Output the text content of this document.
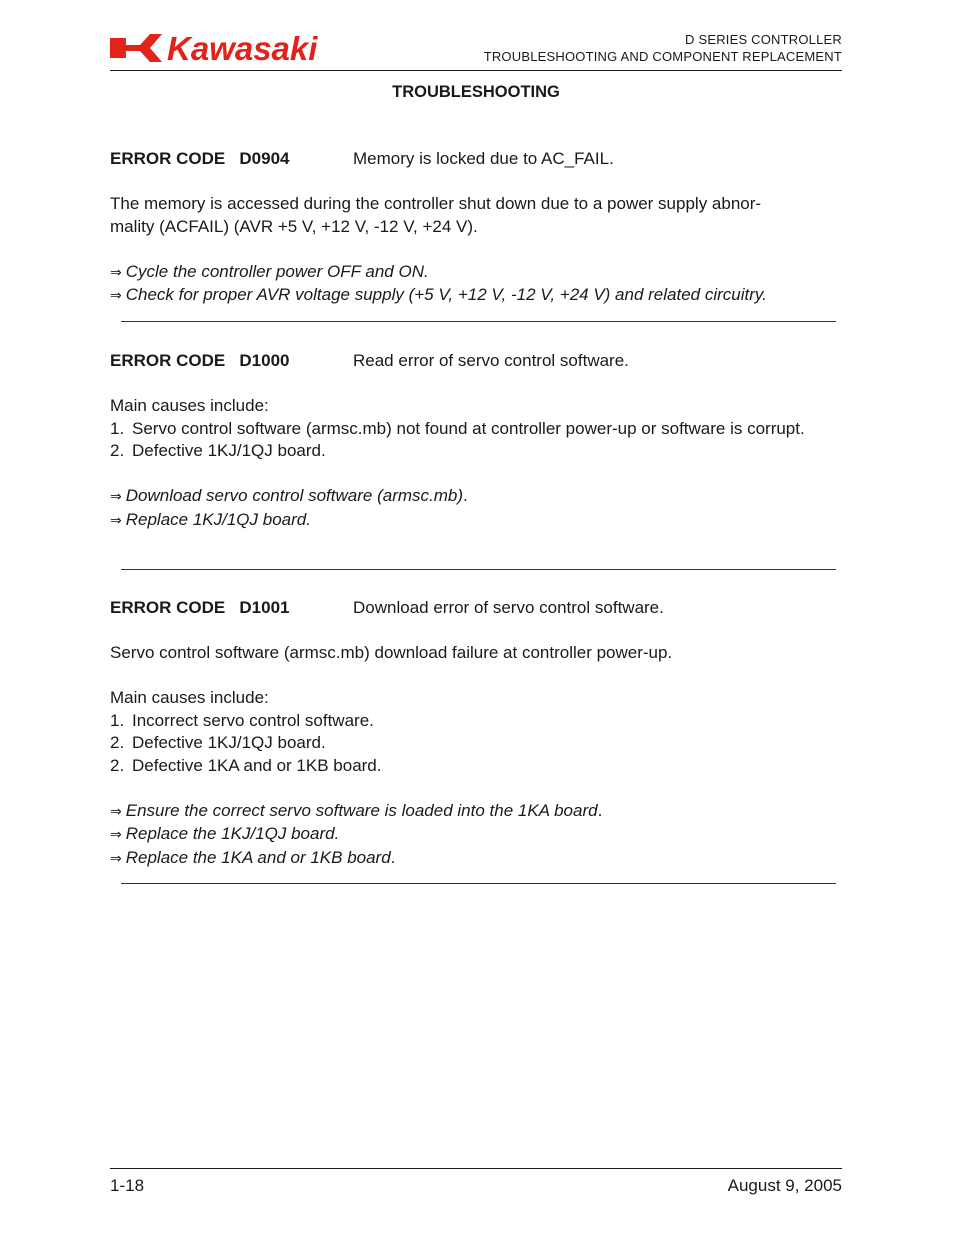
Kawasaki	D SERIES CONTROLLER
TROUBLESHOOTING AND COMPONENT REPLACEMENT
TROUBLESHOOTING
ERROR CODE   D0904	Memory is locked due to AC_FAIL.
The memory is accessed during the controller shut down due to a power supply abnor-
mality (ACFAIL) (AVR +5 V, +12 V, -12 V, +24 V).
⇒ Cycle the controller power OFF and ON.
⇒ Check for proper AVR voltage supply (+5 V, +12 V, -12 V, +24 V) and related circuitry.
ERROR CODE   D1000	Read error of servo control software.
Main causes include:
1. Servo control software (armsc.mb) not found at controller power-up or software is corrupt.
2. Defective 1KJ/1QJ board.
⇒ Download servo control software (armsc.mb).
⇒ Replace 1KJ/1QJ board.
ERROR CODE   D1001	Download error of servo control software.
Servo control software (armsc.mb) download failure at controller power-up.
Main causes include:
1. Incorrect servo control software.
2. Defective 1KJ/1QJ board.
2. Defective 1KA and or 1KB board.
⇒ Ensure the correct servo software is loaded into the 1KA board.
⇒ Replace the 1KJ/1QJ board.
⇒ Replace the 1KA and or 1KB board.
1-18	August 9, 2005
